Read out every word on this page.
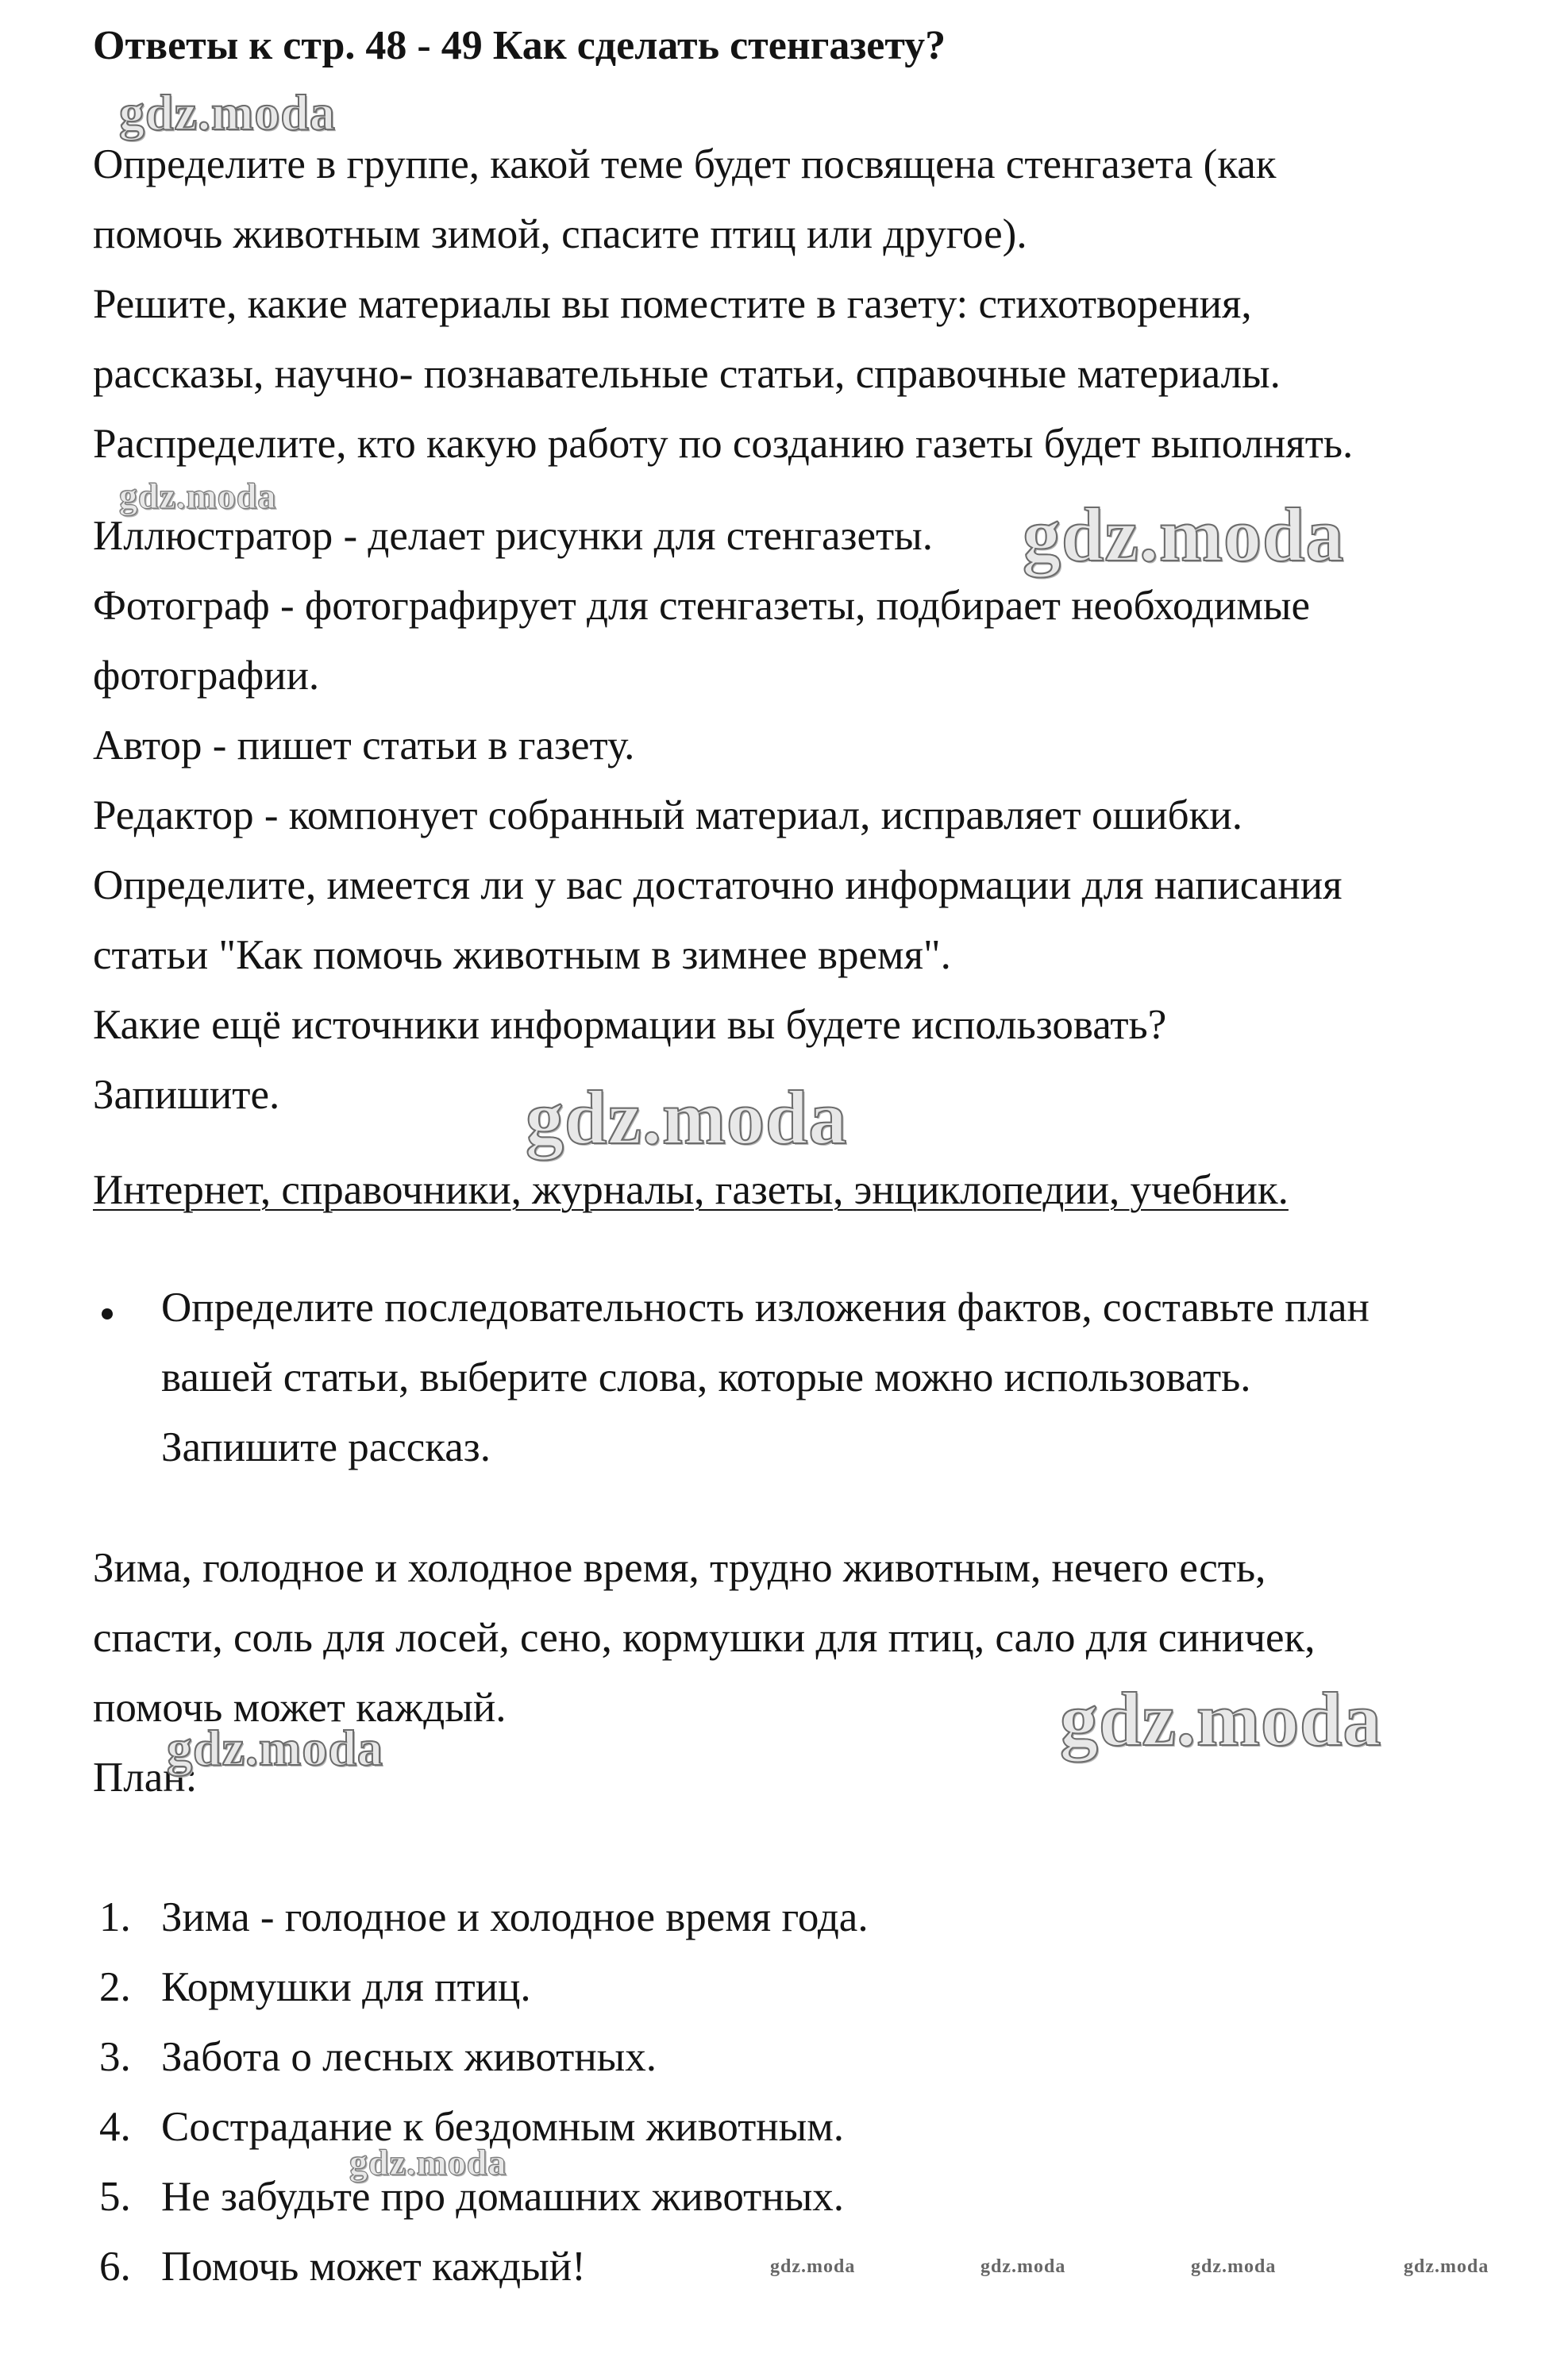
Ответы к стр. 48 - 49 Как сделать стенгазету?

Определите в группе, какой теме будет посвящена стенгазета (как

помочь животным зимой, спасите птиц или другое).

Решите, какие материалы вы поместите в газету: стихотворения,

рассказы, научно- познавательные статьи, справочные материалы.

Распределите, кто какую работу по созданию газеты будет выполнять.

Иллюстратор - делает рисунки для стенгазеты.

Фотограф - фотографирует для стенгазеты, подбирает необходимые

фотографии.

Автор - пишет статьи в газету.

Редактор - компонует собранный материал, исправляет ошибки.

Определите, имеется ли у вас достаточно информации для написания

статьи "Как помочь животным в зимнее время".

Какие ещё источники информации вы будете использовать?

Запишите.

Интернет, справочники, журналы, газеты, энциклопедии, учебник.

Определите последовательность изложения фактов, составьте план

вашей статьи, выберите слова, которые можно использовать.

Запишите рассказ.

Зима, голодное и холодное время, трудно животным, нечего есть,

спасти, соль для лосей, сено, кормушки для птиц, сало для синичек,

помочь может каждый.

План:

1. Зима - голодное и холодное время года.

2. Кормушки для птиц.

3. Забота о лесных животных.

4. Сострадание к бездомным животным.

5. Не забудьте про домашних животных.

6. Помочь может каждый!

gdz.moda

gdz.moda	gdz.moda

gdz.moda

gdz.moda

gdz.moda

gdz.moda

gdz.moda	gdz.moda	gdz.moda	gdz.moda
